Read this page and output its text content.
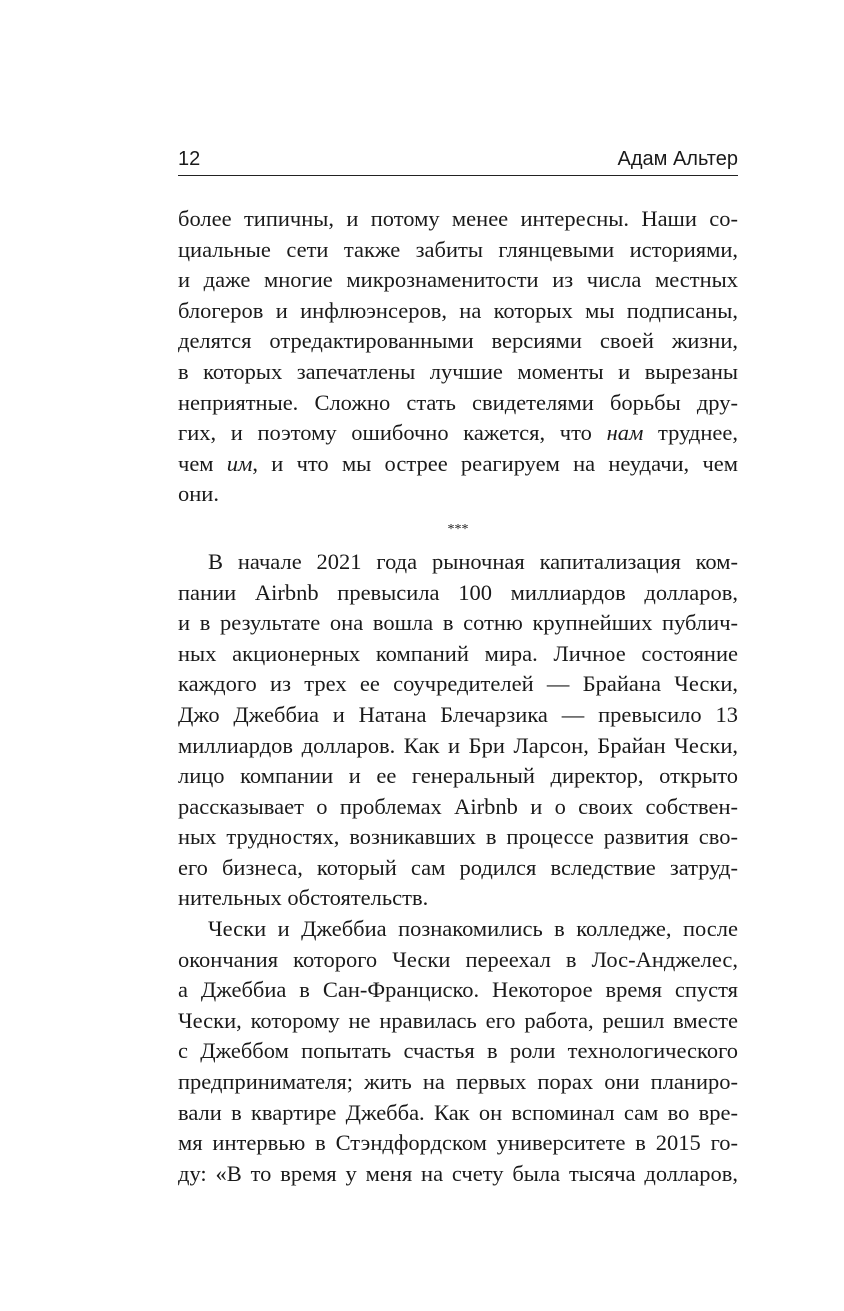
12	Адам Альтер
более типичны, и потому менее интересны. Наши со-
циальные сети также забиты глянцевыми историями,
и даже многие микрознаменитости из числа местных
блогеров и инфлюэнсеров, на которых мы подписаны,
делятся отредактированными версиями своей жизни,
в которых запечатлены лучшие моменты и вырезаны
неприятные. Сложно стать свидетелями борьбы дру-
гих, и поэтому ошибочно кажется, что нам труднее,
чем им, и что мы острее реагируем на неудачи, чем
они.
***
В начале 2021 года рыночная капитализация ком-
пании Airbnb превысила 100 миллиардов долларов,
и в результате она вошла в сотню крупнейших публич-
ных акционерных компаний мира. Личное состояние
каждого из трех ее соучредителей — Брайана Чески,
Джо Джеббиа и Натана Блечарзика — превысило 13
миллиардов долларов. Как и Бри Ларсон, Брайан Чески,
лицо компании и ее генеральный директор, открыто
рассказывает о проблемах Airbnb и о своих собствен-
ных трудностях, возникавших в процессе развития сво-
его бизнеса, который сам родился вследствие затруд-
нительных обстоятельств.
Чески и Джеббиа познакомились в колледже, после
окончания которого Чески переехал в Лос-Анджелес,
а Джеббиа в Сан-Франциско. Некоторое время спустя
Чески, которому не нравилась его работа, решил вместе
с Джеббом попытать счастья в роли технологического
предпринимателя; жить на первых порах они планиро-
вали в квартире Джебба. Как он вспоминал сам во вре-
мя интервью в Стэндфордском университете в 2015 го-
ду: «В то время у меня на счету была тысяча долларов,
